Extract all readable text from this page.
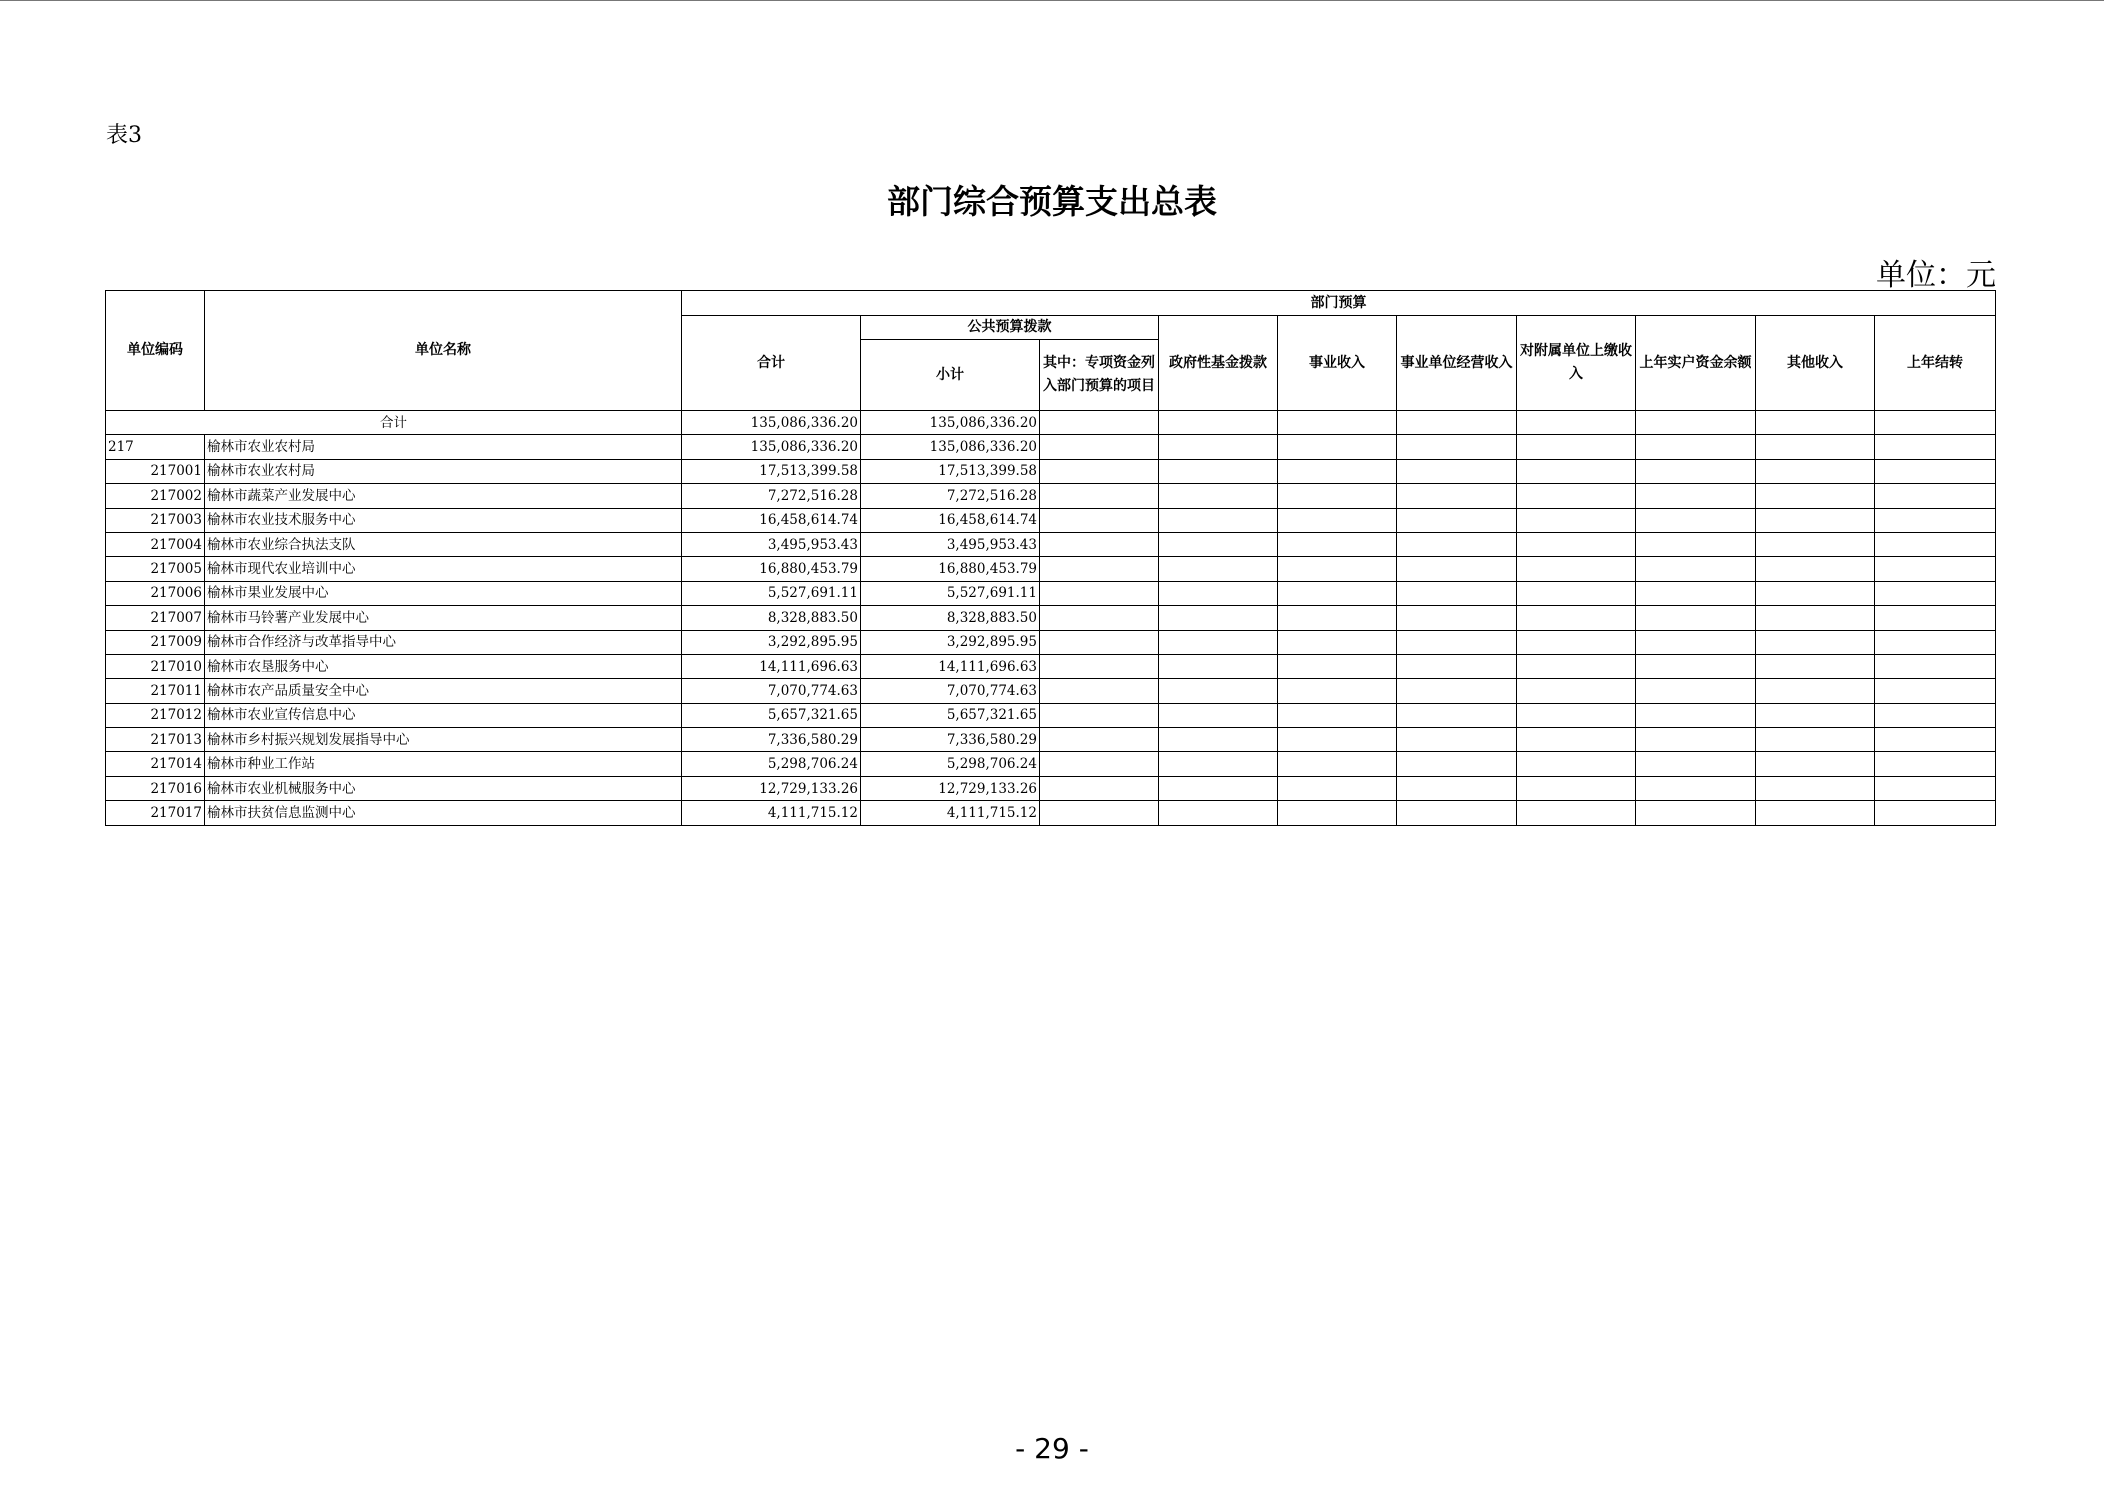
表3
部门综合预算支出总表
单位：元
单位编码	单位名称	部门预算									
		合计	公共预算拨款		政府性基金拨款	事业收入	事业单位经营收入	对附属单位上缴收入	上年实户资金余额	其他收入	上年结转
			小计	其中：专项资金列入部门预算的项目							
合计		135,086,336.20	135,086,336.20								
217	榆林市农业农村局	135,086,336.20	135,086,336.20								
217001	榆林市农业农村局	17,513,399.58	17,513,399.58								
217002	榆林市蔬菜产业发展中心	7,272,516.28	7,272,516.28								
217003	榆林市农业技术服务中心	16,458,614.74	16,458,614.74								
217004	榆林市农业综合执法支队	3,495,953.43	3,495,953.43								
217005	榆林市现代农业培训中心	16,880,453.79	16,880,453.79								
217006	榆林市果业发展中心	5,527,691.11	5,527,691.11								
217007	榆林市马铃薯产业发展中心	8,328,883.50	8,328,883.50								
217009	榆林市合作经济与改革指导中心	3,292,895.95	3,292,895.95								
217010	榆林市农垦服务中心	14,111,696.63	14,111,696.63								
217011	榆林市农产品质量安全中心	7,070,774.63	7,070,774.63								
217012	榆林市农业宣传信息中心	5,657,321.65	5,657,321.65								
217013	榆林市乡村振兴规划发展指导中心	7,336,580.29	7,336,580.29								
217014	榆林市种业工作站	5,298,706.24	5,298,706.24								
217016	榆林市农业机械服务中心	12,729,133.26	12,729,133.26								
217017	榆林市扶贫信息监测中心	4,111,715.12	4,111,715.12								
- 29 -
